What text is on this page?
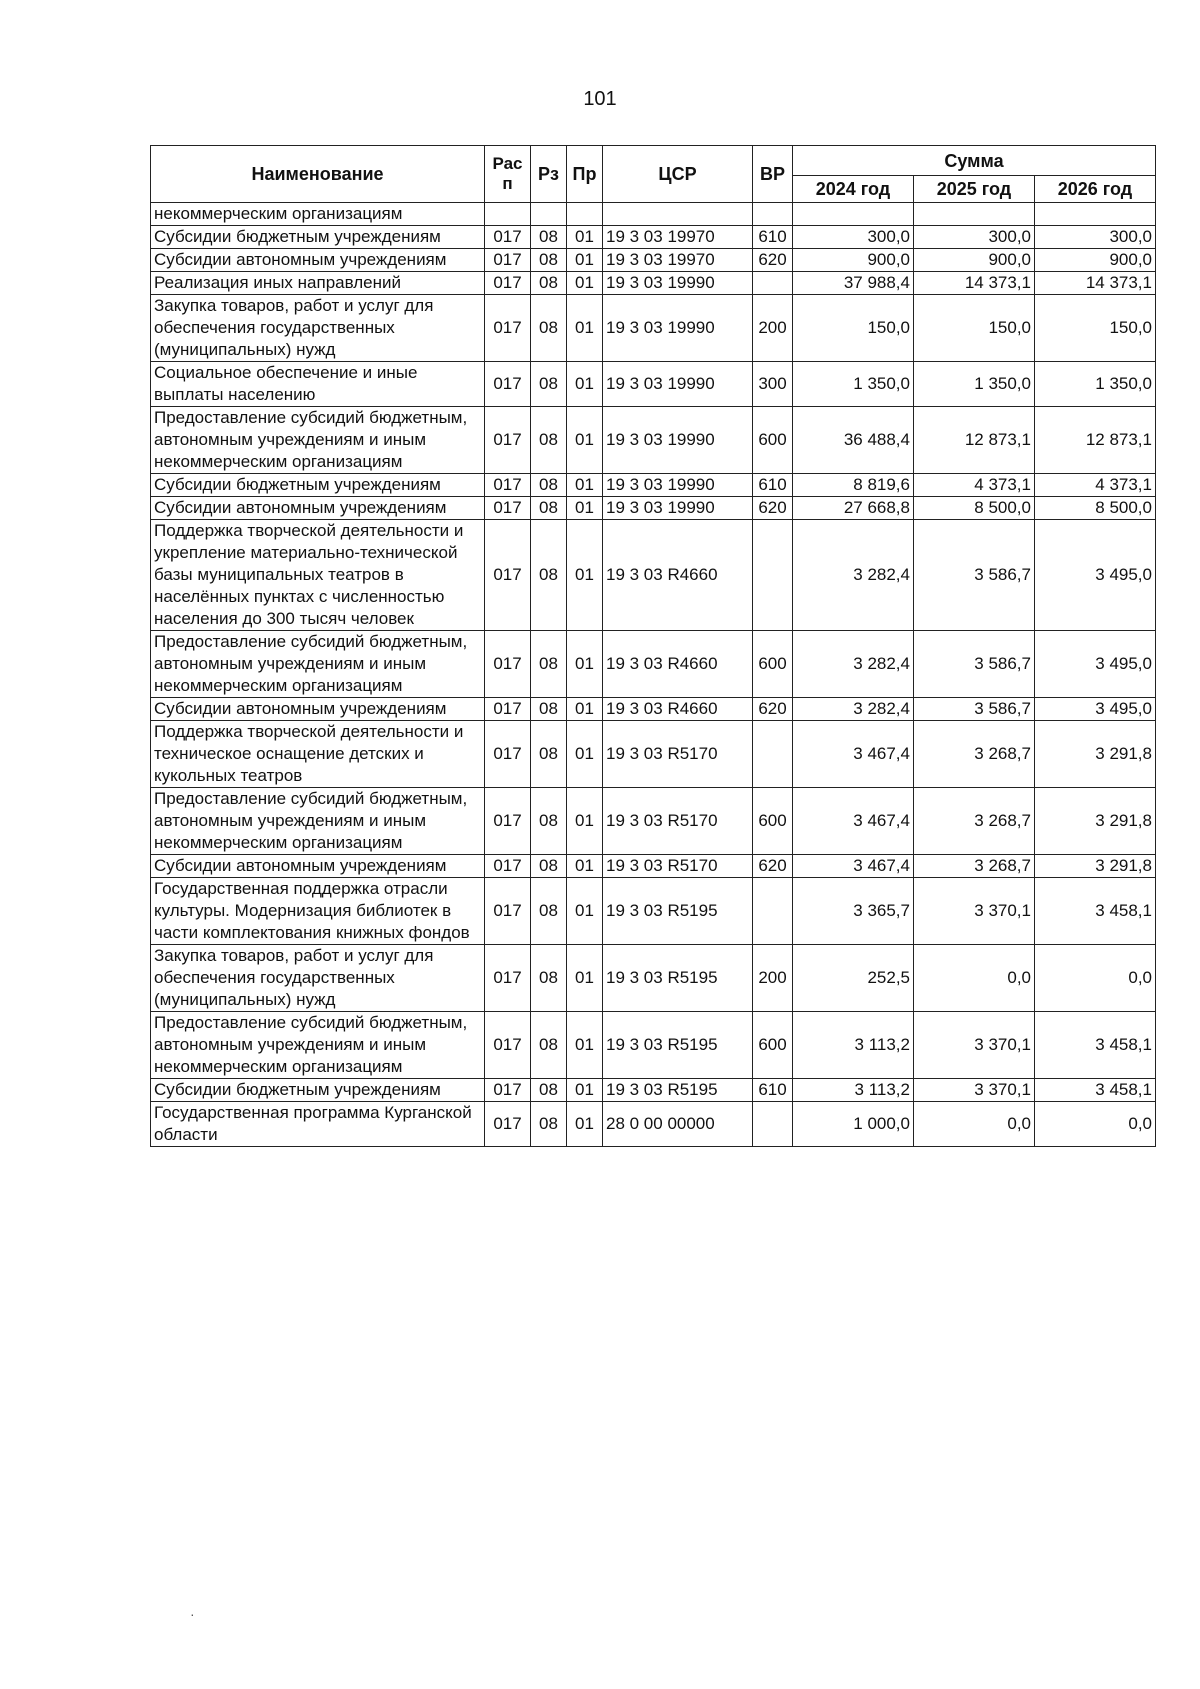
101
Наименование	Рас п	Рз	Пр	ЦСР	ВР	Сумма		
						2024 год	2025 год	2026 год
некоммерческим организациям								
Субсидии бюджетным учреждениям	017	08	01	19 3 03 19970	610	300,0	300,0	300,0
Субсидии автономным учреждениям	017	08	01	19 3 03 19970	620	900,0	900,0	900,0
Реализация иных направлений	017	08	01	19 3 03 19990		37 988,4	14 373,1	14 373,1
Закупка товаров, работ и услуг для обеспечения государственных (муниципальных) нужд	017	08	01	19 3 03 19990	200	150,0	150,0	150,0
Социальное обеспечение и иные выплаты населению	017	08	01	19 3 03 19990	300	1 350,0	1 350,0	1 350,0
Предоставление субсидий бюджетным, автономным учреждениям и иным некоммерческим организациям	017	08	01	19 3 03 19990	600	36 488,4	12 873,1	12 873,1
Субсидии бюджетным учреждениям	017	08	01	19 3 03 19990	610	8 819,6	4 373,1	4 373,1
Субсидии автономным учреждениям	017	08	01	19 3 03 19990	620	27 668,8	8 500,0	8 500,0
Поддержка творческой деятельности и укрепление материально-технической базы муниципальных театров в населённых пунктах с численностью населения до 300 тысяч человек	017	08	01	19 3 03 R4660		3 282,4	3 586,7	3 495,0
Предоставление субсидий бюджетным, автономным учреждениям и иным некоммерческим организациям	017	08	01	19 3 03 R4660	600	3 282,4	3 586,7	3 495,0
Субсидии автономным учреждениям	017	08	01	19 3 03 R4660	620	3 282,4	3 586,7	3 495,0
Поддержка творческой деятельности и техническое оснащение детских и кукольных театров	017	08	01	19 3 03 R5170		3 467,4	3 268,7	3 291,8
Предоставление субсидий бюджетным, автономным учреждениям и иным некоммерческим организациям	017	08	01	19 3 03 R5170	600	3 467,4	3 268,7	3 291,8
Субсидии автономным учреждениям	017	08	01	19 3 03 R5170	620	3 467,4	3 268,7	3 291,8
Государственная поддержка отрасли культуры. Модернизация библиотек в части комплектования книжных фондов	017	08	01	19 3 03 R5195		3 365,7	3 370,1	3 458,1
Закупка товаров, работ и услуг для обеспечения государственных (муниципальных) нужд	017	08	01	19 3 03 R5195	200	252,5	0,0	0,0
Предоставление субсидий бюджетным, автономным учреждениям и иным некоммерческим организациям	017	08	01	19 3 03 R5195	600	3 113,2	3 370,1	3 458,1
Субсидии бюджетным учреждениям	017	08	01	19 3 03 R5195	610	3 113,2	3 370,1	3 458,1
Государственная программа Курганской области	017	08	01	28 0 00 00000		1 000,0	0,0	0,0
·
